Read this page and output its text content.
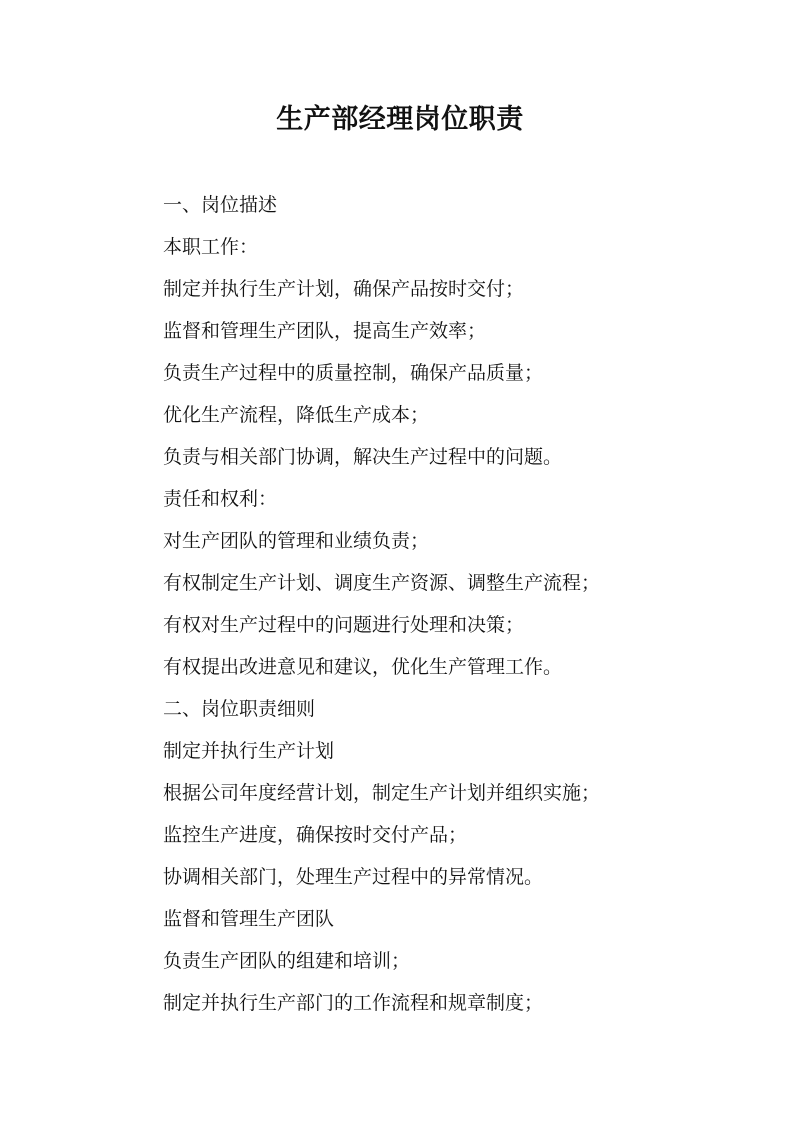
生产部经理岗位职责
一、岗位描述
本职工作：
制定并执行生产计划，确保产品按时交付；
监督和管理生产团队，提高生产效率；
负责生产过程中的质量控制，确保产品质量；
优化生产流程，降低生产成本；
负责与相关部门协调，解决生产过程中的问题。
责任和权利：
对生产团队的管理和业绩负责；
有权制定生产计划、调度生产资源、调整生产流程；
有权对生产过程中的问题进行处理和决策；
有权提出改进意见和建议，优化生产管理工作。
二、岗位职责细则
制定并执行生产计划
根据公司年度经营计划，制定生产计划并组织实施；
监控生产进度，确保按时交付产品；
协调相关部门，处理生产过程中的异常情况。
监督和管理生产团队
负责生产团队的组建和培训；
制定并执行生产部门的工作流程和规章制度；
